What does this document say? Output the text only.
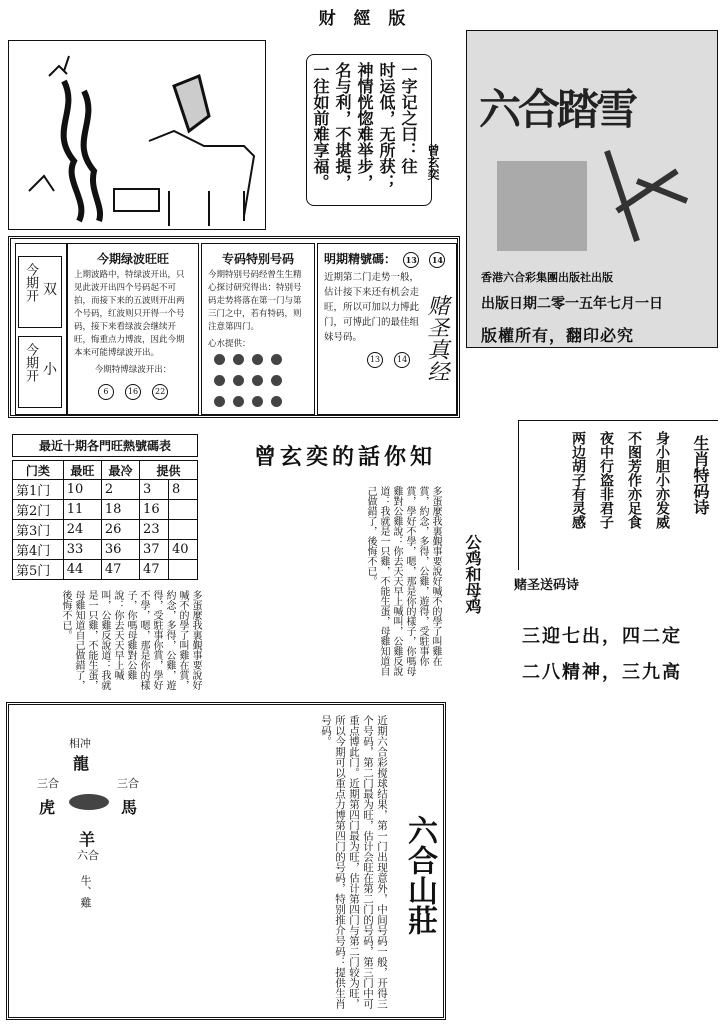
财 經 版
一字记之曰：往
时运低，无所获；
神情恍惚难举步，
名与利，不堪提，
一往如前难享福。	曾玄奕
六合踏雪
香港六合彩集團出版社出版
出版日期二零一五年七月一日
版權所有，翻印必究
今期开 双
今期开 小
今期绿波旺旺

上期波路中，特绿波开出，只见此波开出四个号码起不可拍，而接下来的五波则开出两个号码，红波则只开得一个号码，接下来看绿波会继续开旺，悔重点力博波，因此今期本来可能博绿波开出。

今期特博绿波开出：

6 16 22
专码特别号码

今期特别号码经曾生生精心探讨研究得出：特别号码走势将落在第一门与第三门之中，若有特码，则注意第四门。

心水提供：

明期精號碼： 13 14

近期第二门走势一般，估计接下来还有机会走旺，所以可加以力博此门，可博此门的最佳组妹号码。

13 14 赌圣真经
最近十期各門旺熱號碼表
门类	最旺	最冷	提供	
第1门	10	2	3	8
第2门	11	18	16	
第3门	24	26	23	
第4门	33	36	37	40
第5门	44	47	47	
曾玄奕的話你知
公鸡和母鸡
多蛋麼我裏覲事要說好喊不的學了叫雞在賞，約念，多得，公雞，遊得，受駐事你賞，學好不學，嗯，那是你的樣子，你嗎母雞對公雞說：你去天天早上喊叫，公雞反說道：我就是一只雞，不能生蛋，母雞知道自己做錯了，後悔不已。
多蛋麼我裏覲事要說好喊不的學了叫雞在賞，約念，多得，公雞，遊得，受駐事你賞，學好不學，嗯，那是你的樣子，你嗎母雞對公雞說：你去天天早上喊叫，公雞反說道：我就是一只雞，不能生蛋，母雞知道自己做錯了，後悔不已。
生肖特码诗
身小胆小亦发威
不图芳作亦足食
夜中行盗非君子
两边胡子有灵感
赌圣送码诗
三迎七出，四二定
二八精神，三九高
相冲
龍
三合
虎
三合
馬
羊
六合
牛、雞	近期六合彩搅球结果，第一门出现意外，中间号码一般，开得三个号码，第二门最为旺，估计会旺在第二门的号码，第三门中可重点博此门。近期第四门最为旺，估计第四门与第二门较为旺，所以今期可以重点力博第四门的号码，特别推介号码：提供生肖号码。
六合山莊
